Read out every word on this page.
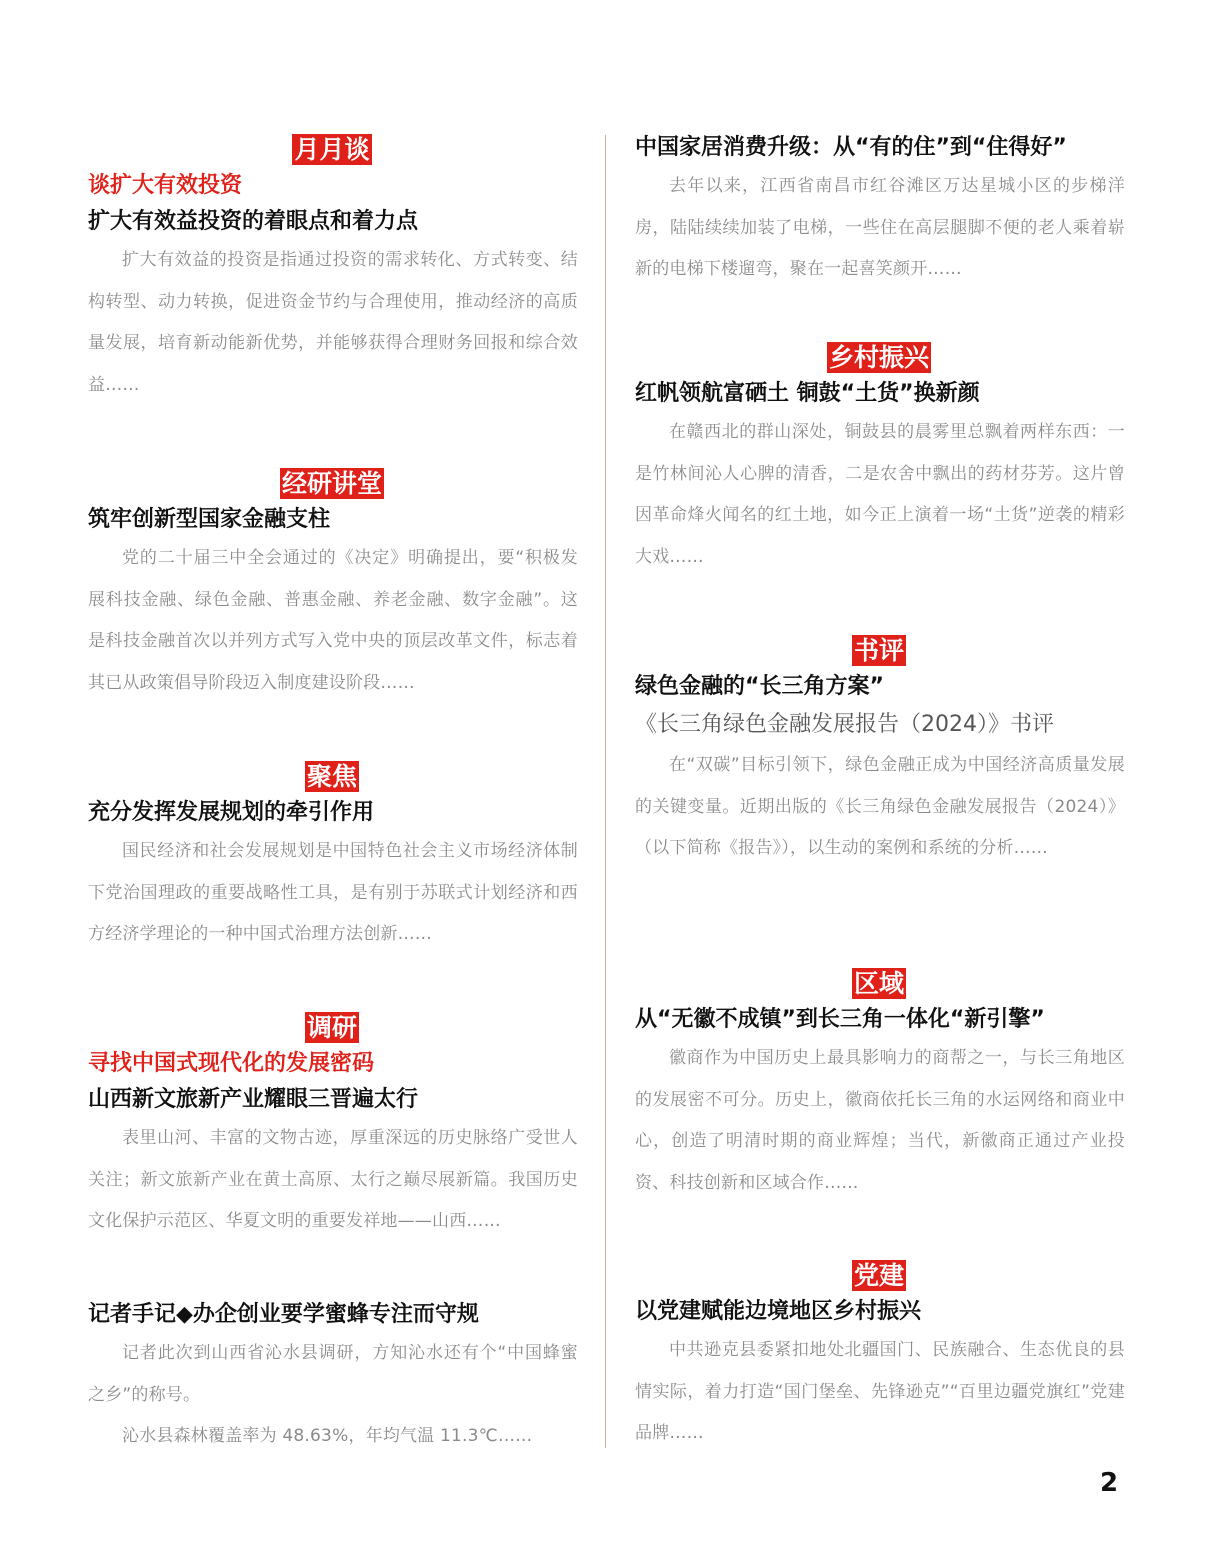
月月谈
谈扩大有效投资
扩大有效益投资的着眼点和着力点

扩大有效益的投资是指通过投资的需求转化、方式转变、结构转型、动力转换，促进资金节约与合理使用，推动经济的高质量发展，培育新动能新优势，并能够获得合理财务回报和综合效益……

经研讲堂
筑牢创新型国家金融支柱

党的二十届三中全会通过的《决定》明确提出，要“积极发展科技金融、绿色金融、普惠金融、养老金融、数字金融”。这是科技金融首次以并列方式写入党中央的顶层改革文件，标志着其已从政策倡导阶段迈入制度建设阶段……

聚焦
充分发挥发展规划的牵引作用

国民经济和社会发展规划是中国特色社会主义市场经济体制下党治国理政的重要战略性工具，是有别于苏联式计划经济和西方经济学理论的一种中国式治理方法创新……

调研
寻找中国式现代化的发展密码
山西新文旅新产业耀眼三晋遍太行

表里山河、丰富的文物古迹，厚重深远的历史脉络广受世人关注；新文旅新产业在黄土高原、太行之巅尽展新篇。我国历史文化保护示范区、华夏文明的重要发祥地——山西……

记者手记◆办企创业要学蜜蜂专注而守规

记者此次到山西省沁水县调研，方知沁水还有个“中国蜂蜜之乡”的称号。

沁水县森林覆盖率为 48.63%，年均气温 11.3℃……

中国家居消费升级：从“有的住”到“住得好”

去年以来，江西省南昌市红谷滩区万达星城小区的步梯洋房，陆陆续续加装了电梯，一些住在高层腿脚不便的老人乘着崭新的电梯下楼遛弯，聚在一起喜笑颜开……

乡村振兴
红帆领航富硒土 铜鼓“土货”换新颜

在赣西北的群山深处，铜鼓县的晨雾里总飘着两样东西：一是竹林间沁人心脾的清香，二是农舍中飘出的药材芬芳。这片曾因革命烽火闻名的红土地，如今正上演着一场“土货”逆袭的精彩大戏……

书评
绿色金融的“长三角方案”
《长三角绿色金融发展报告（2024）》书评

在“双碳”目标引领下，绿色金融正成为中国经济高质量发展的关键变量。近期出版的《长三角绿色金融发展报告（2024）》（以下简称《报告》），以生动的案例和系统的分析……

区域
从“无徽不成镇”到长三角一体化“新引擎”

徽商作为中国历史上最具影响力的商帮之一，与长三角地区的发展密不可分。历史上，徽商依托长三角的水运网络和商业中心，创造了明清时期的商业辉煌；当代，新徽商正通过产业投资、科技创新和区域合作……

党建
以党建赋能边境地区乡村振兴

中共逊克县委紧扣地处北疆国门、民族融合、生态优良的县情实际，着力打造“国门堡垒、先锋逊克”“百里边疆党旗红”党建品牌……

2
